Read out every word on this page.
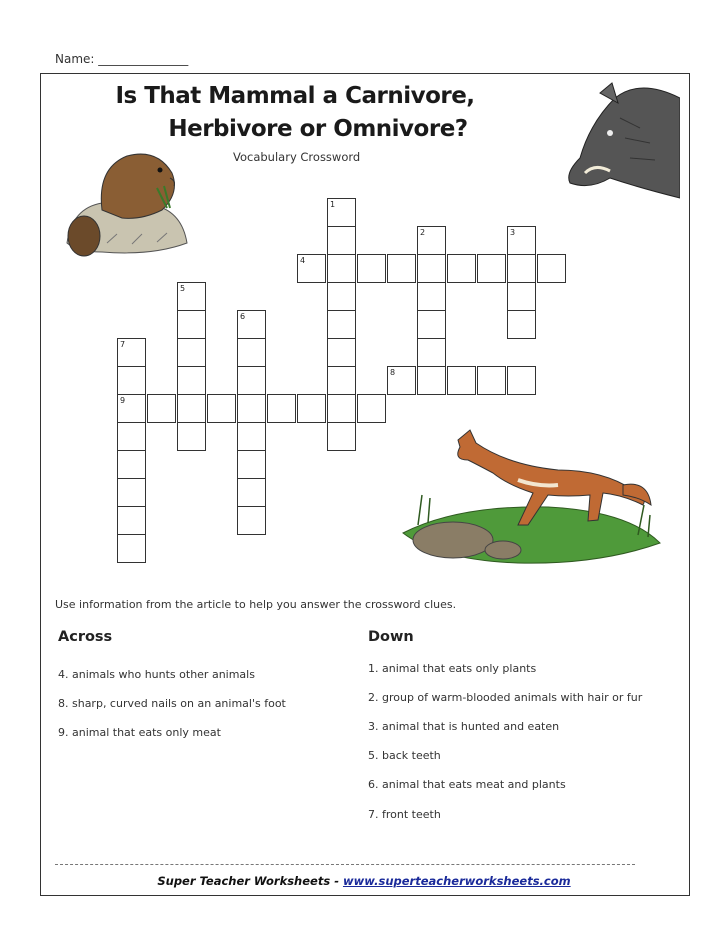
Name: _______________
Is That Mammal a Carnivore,
Herbivore or Omnivore?
Vocabulary Crossword
1
2	3
4
5
6
7
9
8
Use information from the article to help you answer the crossword clues.
Across
4. animals who hunts other animals
8. sharp, curved nails on an animal's foot
9. animal that eats only meat
Down
1. animal that eats only plants
2. group of warm-blooded animals with hair or fur
3. animal that is hunted and eaten
5. back teeth
6. animal that eats meat and plants
7. front teeth
Super Teacher Worksheets - www.superteacherworksheets.com
